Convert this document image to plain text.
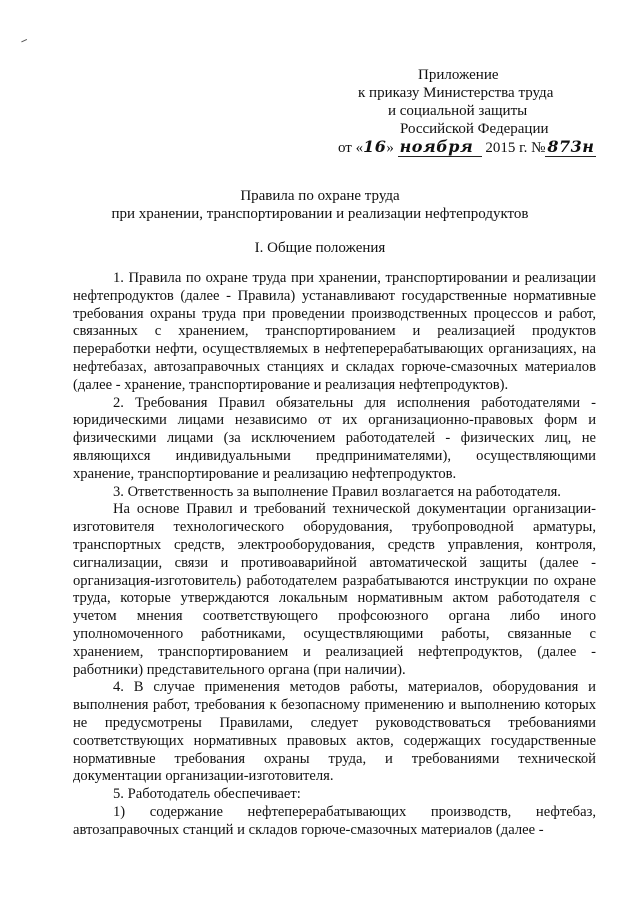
Приложение
к приказу Министерства труда
и социальной защиты
Российской Федерации
от «16» ноября 2015 г. № 873н
Правила по охране труда
при хранении, транспортировании и реализации нефтепродуктов
I. Общие положения

1. Правила по охране труда при хранении, транспортировании и реализации нефтепродуктов (далее - Правила) устанавливают государственные нормативные требования охраны труда при проведении производственных процессов и работ, связанных с хранением, транспортированием и реализацией продуктов переработки нефти, осуществляемых в нефтеперерабатывающих организациях, на нефтебазах, автозаправочных станциях и складах горюче-смазочных материалов (далее - хранение, транспортирование и реализация нефтепродуктов).

2. Требования Правил обязательны для исполнения работодателями - юридическими лицами независимо от их организационно-правовых форм и физическими лицами (за исключением работодателей - физических лиц, не являющихся индивидуальными предпринимателями), осуществляющими хранение, транспортирование и реализацию нефтепродуктов.

3. Ответственность за выполнение Правил возлагается на работодателя.

На основе Правил и требований технической документации организации-изготовителя технологического оборудования, трубопроводной арматуры, транспортных средств, электрооборудования, средств управления, контроля, сигнализации, связи и противоаварийной автоматической защиты (далее - организация-изготовитель) работодателем разрабатываются инструкции по охране труда, которые утверждаются локальным нормативным актом работодателя с учетом мнения соответствующего профсоюзного органа либо иного уполномоченного работниками, осуществляющими работы, связанные с хранением, транспортированием и реализацией нефтепродуктов, (далее - работники) представительного органа (при наличии).

4. В случае применения методов работы, материалов, оборудования и выполнения работ, требования к безопасному применению и выполнению которых не предусмотрены Правилами, следует руководствоваться требованиями соответствующих нормативных правовых актов, содержащих государственные нормативные требования охраны труда, и требованиями технической документации организации-изготовителя.

5. Работодатель обеспечивает:

1) содержание нефтеперерабатывающих производств, нефтебаз, автозаправочных станций и складов горюче-смазочных материалов (далее -
